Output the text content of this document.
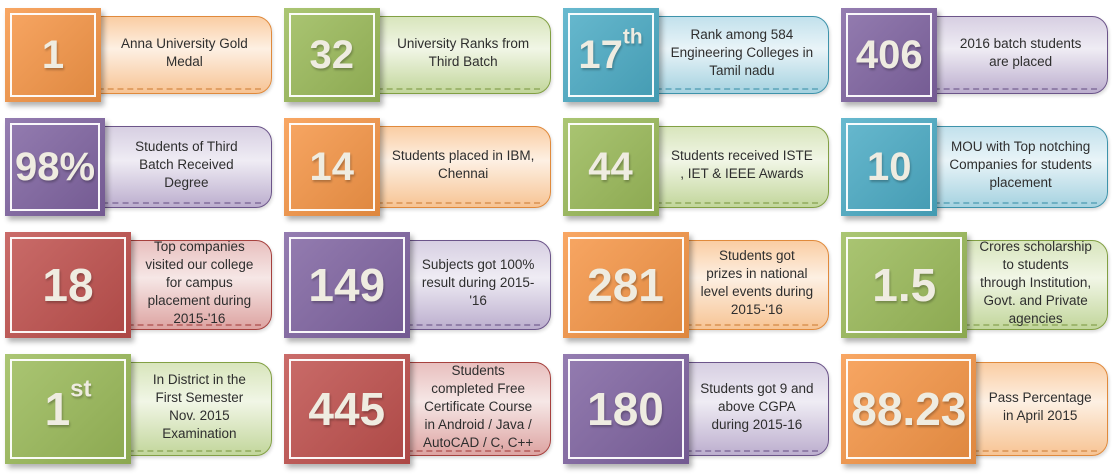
1	Anna University Gold Medal	32	University Ranks from Third Batch	17 th	Rank among 584 Engineering Colleges in Tamil nadu	406	2016 batch students are placed
98%	Students of Third Batch Received Degree	14	Students placed in IBM, Chennai	44	Students received ISTE , IET & IEEE Awards 10	MOU with Top notching Companies for students placement
18
Top companies visited our college for campus placement during 2015-'16
149	Subjects got 100% result during 2015-'16	281
Students got prizes in national level events during 2015-'16	1.5
Crores scholarship to students through Institution, Govt. and Private agencies
1 st	In District in the First Semester Nov. 2015 Examination	445
Students completed Free Certificate Course in Android / Java / AutoCAD / C, C++
180	Students got 9 and above CGPA during 2015-16 88.23 Pass Percentage in April 2015
